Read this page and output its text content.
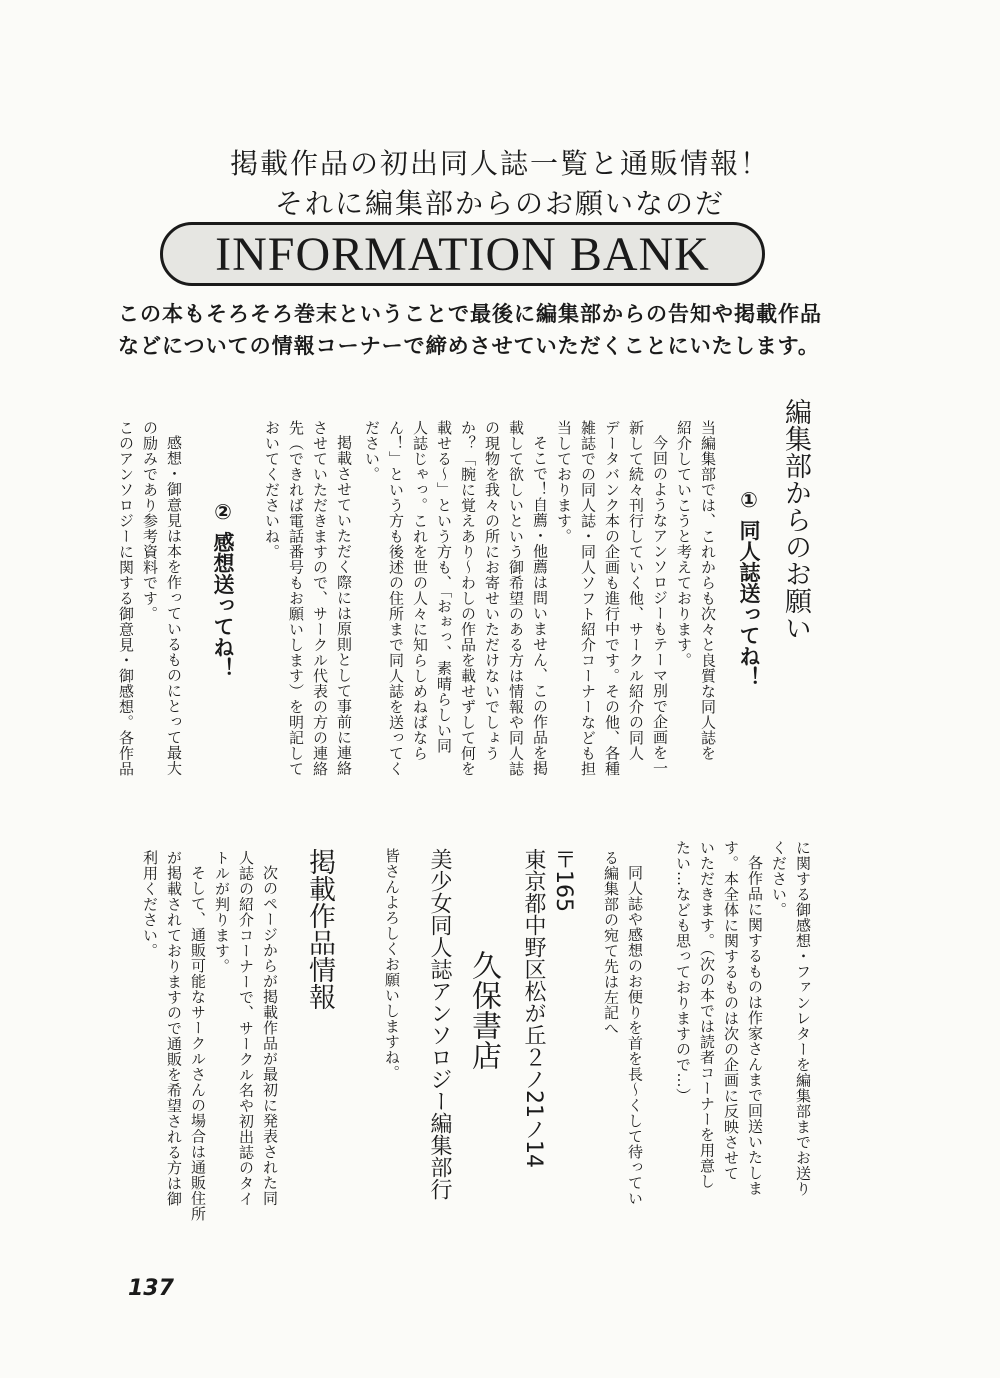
掲載作品の初出同人誌一覧と通販情報！
それに編集部からのお願いなのだ
INFORMATION BANK
この本もそろそろ巻末ということで最後に編集部からの告知や掲載作品
などについての情報コーナーで締めさせていただくことにいたします。
編集部からのお願い
① 同人誌送ってね！
当編集部では、これからも次々と良質な同人誌を
紹介していこうと考えております。
今回のようなアンソロジーもテーマ別で企画を一
新して続々刊行していく他、サークル紹介の同人
データバンク本の企画も進行中です。その他、各種
雑誌での同人誌・同人ソフト紹介コーナーなども担
当しております。
そこで！自薦・他薦は問いません、この作品を掲
載して欲しいという御希望のある方は情報や同人誌
の現物を我々の所にお寄せいただけないでしょう
か？「腕に覚えあり～わしの作品を載せずして何を
載せる～」という方も、「おぉっ、素晴らしい同
人誌じゃっ。これを世の人々に知らしめねばなら
ん！」という方も後述の住所まで同人誌を送ってく
ださい。
掲載させていただく際には原則として事前に連絡
させていただきますので、サークル代表の方の連絡
先（できれば電話番号もお願いします）を明記して
おいてくださいね。
② 感想送ってね！
感想・御意見は本を作っているものにとって最大
の励みであり参考資料です。
このアンソロジーに関する御意見・御感想。各作品
に関する御感想・ファンレターを編集部までお送り
ください。
各作品に関するものは作家さんまで回送いたしま
す。本全体に関するものは次の企画に反映させて
いただきます。（次の本では読者コーナーを用意し
たい…なども思っておりますので…）
同人誌や感想のお便りを首を長～くして待ってい
る編集部の宛て先は左記へ
〒165
東京都中野区松が丘２ノ21ノ14
久保書店
美少女同人誌アンソロジー編集部行
皆さんよろしくお願いしますね。
掲載作品情報
次のページからが掲載作品が最初に発表された同
人誌の紹介コーナーで、サークル名や初出誌のタイ
トルが判ります。
そして、通販可能なサークルさんの場合は通販住所
が掲載されておりますので通販を希望される方は御
利用ください。
137
